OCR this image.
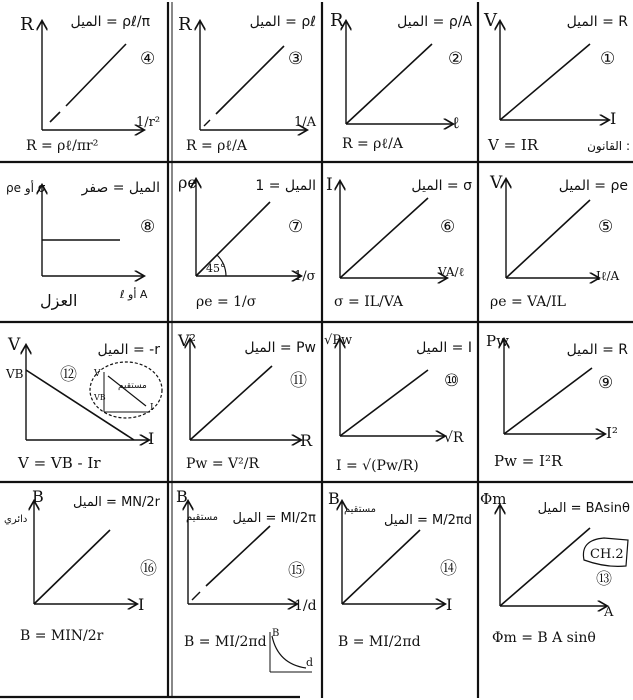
R
1/r²
الميل = ρℓ/π
④
R = ρℓ/πr²
R
1/A
الميل = ρℓ
③
R = ρℓ/A
R
ℓ
الميل = ρ/A
②
R = ρℓ/A
V
I
الميل = R
①
V = IR	القانون :
ρe أو σ
ℓ أو A
الميل = صفر
⑧
العزل
45°
ρe
1/σ
الميل = 1
⑦
ρe = 1/σ
I
VA/ℓ
الميل = σ
⑥
σ = IL/VA
V
Iℓ/A
الميل = ρe
⑤
ρe = VA/IL
V
VB
I
الميل = -r
⑫
V = VB - Ir
V
VB
I
مستقيم
V²
R
الميل = Pw
⑪
Pw = V²/R
√Pw
√R
الميل = I
⑩
I = √(Pw/R)
Pw
I²
الميل = R
⑨
Pw = I²R
B
دائري
I
الميل = MN/2r
⑯
B = MIN/2r
B
مستقيم
1/d
الميل = MI/2π
⑮
B = MI/2πd
B
d
B
مستقيم
I
الميل = M/2πd
⑭
B = MI/2πd
Φm
A
الميل = BAsinθ
CH.2
⑬
Φm = B A sinθ
